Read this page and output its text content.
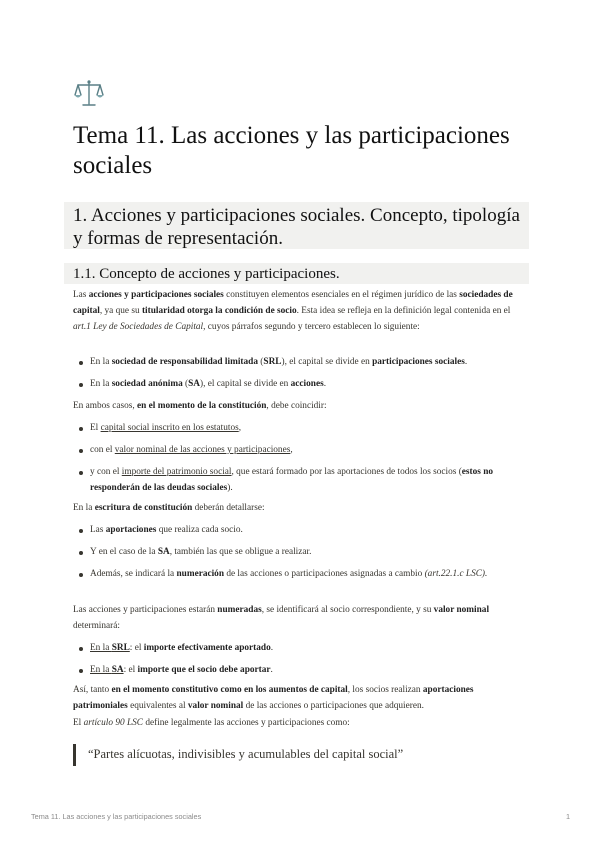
Tema 11. Las acciones y las participaciones sociales
1. Acciones y participaciones sociales. Concepto, tipología y formas de representación.
1.1. Concepto de acciones y participaciones.

Las acciones y participaciones sociales constituyen elementos esenciales en el régimen jurídico de las sociedades de capital, ya que su titularidad otorga la condición de socio. Esta idea se refleja en la definición legal contenida en el art.1 Ley de Sociedades de Capital, cuyos párrafos segundo y tercero establecen lo siguiente:

En la sociedad de responsabilidad limitada (SRL), el capital se divide en participaciones sociales.

En la sociedad anónima (SA), el capital se divide en acciones.

En ambos casos, en el momento de la constitución, debe coincidir:

El capital social inscrito en los estatutos,

con el valor nominal de las acciones y participaciones,

y con el importe del patrimonio social, que estará formado por las aportaciones de todos los socios (estos no responderán de las deudas sociales).

En la escritura de constitución deberán detallarse:

Las aportaciones que realiza cada socio.

Y en el caso de la SA, también las que se obligue a realizar.

Además, se indicará la numeración de las acciones o participaciones asignadas a cambio (art.22.1.c LSC).

Las acciones y participaciones estarán numeradas, se identificará al socio correspondiente, y su valor nominal determinará:

En la SRL: el importe efectivamente aportado.

En la SA: el importe que el socio debe aportar.

Así, tanto en el momento constitutivo como en los aumentos de capital, los socios realizan aportaciones patrimoniales equivalentes al valor nominal de las acciones o participaciones que adquieren.

El artículo 90 LSC define legalmente las acciones y participaciones como:

“Partes alícuotas, indivisibles y acumulables del capital social”

Tema 11. Las acciones y las participaciones sociales	1
